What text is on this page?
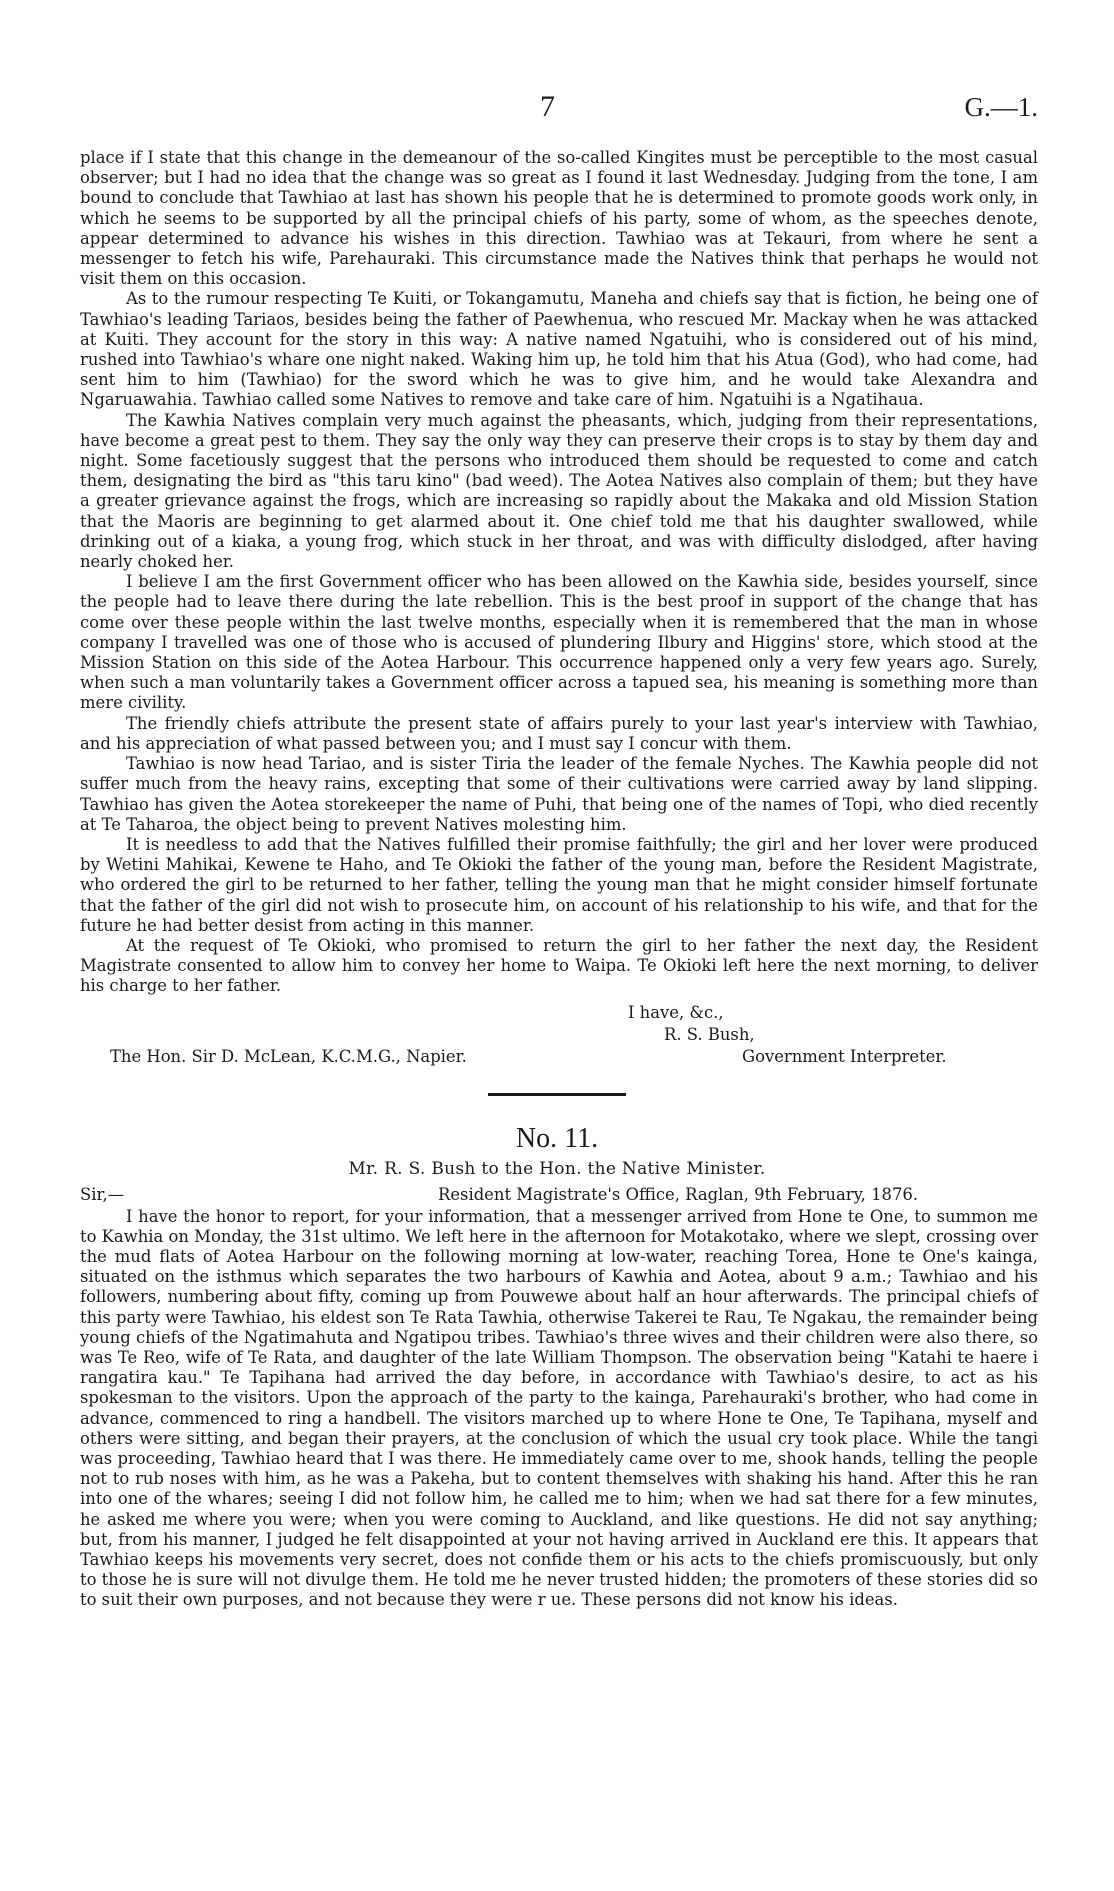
7	G.—1.

place if I state that this change in the demeanour of the so-called Kingites must be perceptible to the most casual observer; but I had no idea that the change was so great as I found it last Wednesday. Judging from the tone, I am bound to conclude that Tawhiao at last has shown his people that he is determined to promote goods work only, in which he seems to be supported by all the principal chiefs of his party, some of whom, as the speeches denote, appear determined to advance his wishes in this direction. Tawhiao was at Tekauri, from where he sent a messenger to fetch his wife, Parehauraki. This circumstance made the Natives think that perhaps he would not visit them on this occasion.

As to the rumour respecting Te Kuiti, or Tokangamutu, Maneha and chiefs say that is fiction, he being one of Tawhiao's leading Tariaos, besides being the father of Paewhenua, who rescued Mr. Mackay when he was attacked at Kuiti. They account for the story in this way: A native named Ngatuihi, who is considered out of his mind, rushed into Tawhiao's whare one night naked. Waking him up, he told him that his Atua (God), who had come, had sent him to him (Tawhiao) for the sword which he was to give him, and he would take Alexandra and Ngaruawahia. Tawhiao called some Natives to remove and take care of him. Ngatuihi is a Ngatihaua.

The Kawhia Natives complain very much against the pheasants, which, judging from their representations, have become a great pest to them. They say the only way they can preserve their crops is to stay by them day and night. Some facetiously suggest that the persons who introduced them should be requested to come and catch them, designating the bird as "this taru kino" (bad weed). The Aotea Natives also complain of them; but they have a greater grievance against the frogs, which are increasing so rapidly about the Makaka and old Mission Station that the Maoris are beginning to get alarmed about it. One chief told me that his daughter swallowed, while drinking out of a kiaka, a young frog, which stuck in her throat, and was with difficulty dislodged, after having nearly choked her.

I believe I am the first Government officer who has been allowed on the Kawhia side, besides yourself, since the people had to leave there during the late rebellion. This is the best proof in support of the change that has come over these people within the last twelve months, especially when it is remembered that the man in whose company I travelled was one of those who is accused of plundering Ilbury and Higgins' store, which stood at the Mission Station on this side of the Aotea Harbour. This occurrence happened only a very few years ago. Surely, when such a man voluntarily takes a Government officer across a tapued sea, his meaning is something more than mere civility.

The friendly chiefs attribute the present state of affairs purely to your last year's interview with Tawhiao, and his appreciation of what passed between you; and I must say I concur with them.

Tawhiao is now head Tariao, and is sister Tiria the leader of the female Nyches. The Kawhia people did not suffer much from the heavy rains, excepting that some of their cultivations were carried away by land slipping. Tawhiao has given the Aotea storekeeper the name of Puhi, that being one of the names of Topi, who died recently at Te Taharoa, the object being to prevent Natives molesting him.

It is needless to add that the Natives fulfilled their promise faithfully; the girl and her lover were produced by Wetini Mahikai, Kewene te Haho, and Te Okioki the father of the young man, before the Resident Magistrate, who ordered the girl to be returned to her father, telling the young man that he might consider himself fortunate that the father of the girl did not wish to prosecute him, on account of his relationship to his wife, and that for the future he had better desist from acting in this manner.

At the request of Te Okioki, who promised to return the girl to her father the next day, the Resident Magistrate consented to allow him to convey her home to Waipa. Te Okioki left here the next morning, to deliver his charge to her father.

I have, &c.,
R. S. Bush,
The Hon. Sir D. McLean, K.C.M.G., Napier.	Government Interpreter.

No. 11.

Mr. R. S. Bush to the Hon. the Native Minister.

Sir,—	Resident Magistrate's Office, Raglan, 9th February, 1876.

I have the honor to report, for your information, that a messenger arrived from Hone te One, to summon me to Kawhia on Monday, the 31st ultimo. We left here in the afternoon for Motakotako, where we slept, crossing over the mud flats of Aotea Harbour on the following morning at low-water, reaching Torea, Hone te One's kainga, situated on the isthmus which separates the two harbours of Kawhia and Aotea, about 9 a.m.; Tawhiao and his followers, numbering about fifty, coming up from Pouwewe about half an hour afterwards. The principal chiefs of this party were Tawhiao, his eldest son Te Rata Tawhia, otherwise Takerei te Rau, Te Ngakau, the remainder being young chiefs of the Ngatimahuta and Ngatipou tribes. Tawhiao's three wives and their children were also there, so was Te Reo, wife of Te Rata, and daughter of the late William Thompson. The observation being "Katahi te haere i rangatira kau." Te Tapihana had arrived the day before, in accordance with Tawhiao's desire, to act as his spokesman to the visitors. Upon the approach of the party to the kainga, Parehauraki's brother, who had come in advance, commenced to ring a handbell. The visitors marched up to where Hone te One, Te Tapihana, myself and others were sitting, and began their prayers, at the conclusion of which the usual cry took place. While the tangi was proceeding, Tawhiao heard that I was there. He immediately came over to me, shook hands, telling the people not to rub noses with him, as he was a Pakeha, but to content themselves with shaking his hand. After this he ran into one of the whares; seeing I did not follow him, he called me to him; when we had sat there for a few minutes, he asked me where you were; when you were coming to Auckland, and like questions. He did not say anything; but, from his manner, I judged he felt disappointed at your not having arrived in Auckland ere this. It appears that Tawhiao keeps his movements very secret, does not confide them or his acts to the chiefs promiscuously, but only to those he is sure will not divulge them. He told me he never trusted hidden; the promoters of these stories did so to suit their own purposes, and not because they were r ue. These persons did not know his ideas.
